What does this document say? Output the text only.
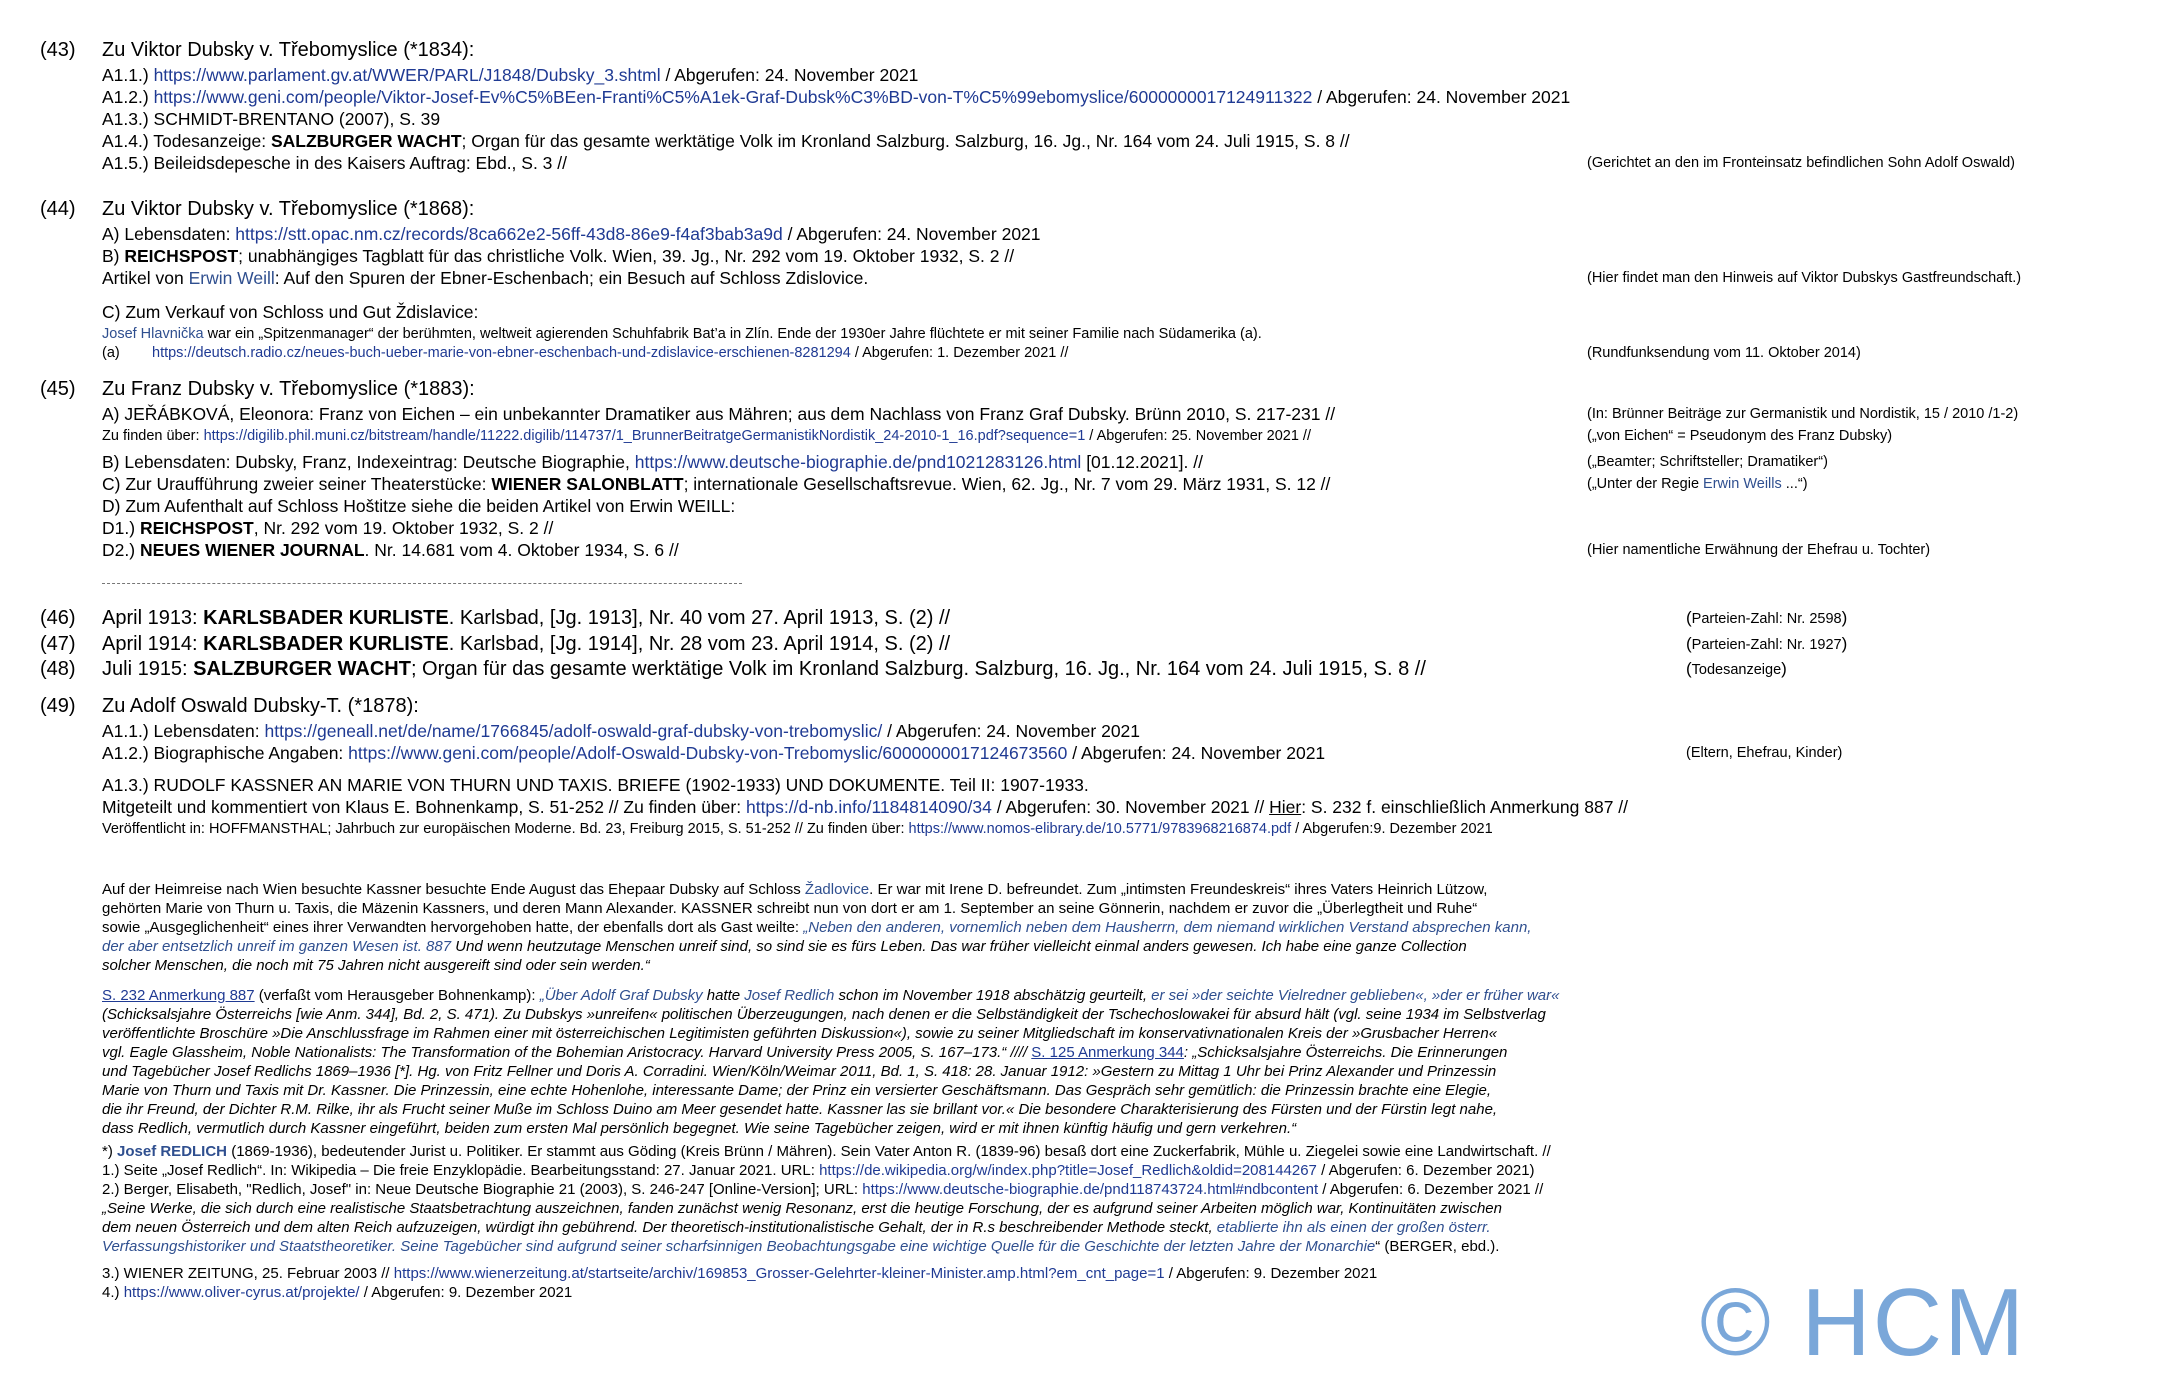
(43) Zu Viktor Dubsky v. Třebomyslice (*1834):
A1.1.) https://www.parlament.gv.at/WWER/PARL/J1848/Dubsky_3.shtml / Abgerufen: 24. November 2021
A1.2.) https://www.geni.com/people/Viktor-Josef-Ev%C5%BEen-Franti%C5%A1ek-Graf-Dubsk%C3%BD-von-T%C5%99ebomyslice/6000000017124911322 / Abgerufen: 24. November 2021
A1.3.) SCHMIDT-BRENTANO (2007), S. 39
A1.4.) Todesanzeige: SALZBURGER WACHT; Organ für das gesamte werktätige Volk im Kronland Salzburg. Salzburg, 16. Jg., Nr. 164 vom 24. Juli 1915, S. 8 //
A1.5.) Beileidsdepesche in des Kaisers Auftrag: Ebd., S. 3 //	(Gerichtet an den im Fronteinsatz befindlichen Sohn Adolf Oswald)
(44) Zu Viktor Dubsky v. Třebomyslice (*1868):
A) Lebensdaten: https://stt.opac.nm.cz/records/8ca662e2-56ff-43d8-86e9-f4af3bab3a9d / Abgerufen: 24. November 2021
B) REICHSPOST; unabhängiges Tagblatt für das christliche Volk. Wien, 39. Jg., Nr. 292 vom 19. Oktober 1932, S. 2 //
Artikel von Erwin Weill: Auf den Spuren der Ebner-Eschenbach; ein Besuch auf Schloss Zdislovice.	(Hier findet man den Hinweis auf Viktor Dubskys Gastfreundschaft.)
C) Zum Verkauf von Schloss und Gut Ždislavice:
Josef Hlavnička war ein „Spitzenmanager“ der berühmten, weltweit agierenden Schuhfabrik Bat’a in Zlín. Ende der 1930er Jahre flüchtete er mit seiner Familie nach Südamerika (a).
(a) https://deutsch.radio.cz/neues-buch-ueber-marie-von-ebner-eschenbach-und-zdislavice-erschienen-8281294 / Abgerufen: 1. Dezember 2021 //	(Rundfunksendung vom 11. Oktober 2014)
(45) Zu Franz Dubsky v. Třebomyslice (*1883):
A) JEŘÁBKOVÁ, Eleonora: Franz von Eichen – ein unbekannter Dramatiker aus Mähren; aus dem Nachlass von Franz Graf Dubsky. Brünn 2010, S. 217-231 //	(In: Brünner Beiträge zur Germanistik und Nordistik, 15 / 2010 /1-2)
Zu finden über: https://digilib.phil.muni.cz/bitstream/handle/11222.digilib/114737/1_BrunnerBeitratgeGermanistikNordistik_24-2010-1_16.pdf?sequence=1 / Abgerufen: 25. November 2021 //	(„von Eichen“ = Pseudonym des Franz Dubsky)
B) Lebensdaten: Dubsky, Franz, Indexeintrag: Deutsche Biographie, https://www.deutsche-biographie.de/pnd1021283126.html [01.12.2021]. //	(„Beamter; Schriftsteller; Dramatiker“)
C) Zur Uraufführung zweier seiner Theaterstücke: WIENER SALONBLATT; internationale Gesellschaftsrevue. Wien, 62. Jg., Nr. 7 vom 29. März 1931, S. 12 //	(„Unter der Regie Erwin Weills ...“)
D) Zum Aufenthalt auf Schloss Hoštitze siehe die beiden Artikel von Erwin WEILL:
D1.) REICHSPOST, Nr. 292 vom 19. Oktober 1932, S. 2 //
D2.) NEUES WIENER JOURNAL. Nr. 14.681 vom 4. Oktober 1934, S. 6 //	(Hier namentliche Erwähnung der Ehefrau u. Tochter)
(46) April 1913: KARLSBADER KURLISTE. Karlsbad, [Jg. 1913], Nr. 40 vom 27. April 1913, S. (2) //	(Parteien-Zahl: Nr. 2598)
(47) April 1914: KARLSBADER KURLISTE. Karlsbad, [Jg. 1914], Nr. 28 vom 23. April 1914, S. (2) //	(Parteien-Zahl: Nr. 1927)
(48) Juli 1915: SALZBURGER WACHT; Organ für das gesamte werktätige Volk im Kronland Salzburg. Salzburg, 16. Jg., Nr. 164 vom 24. Juli 1915, S. 8 //	(Todesanzeige)
(49) Zu Adolf Oswald Dubsky-T. (*1878):
A1.1.) Lebensdaten: https://geneall.net/de/name/1766845/adolf-oswald-graf-dubsky-von-trebomyslic/ / Abgerufen: 24. November 2021
A1.2.) Biographische Angaben: https://www.geni.com/people/Adolf-Oswald-Dubsky-von-Trebomyslic/6000000017124673560 / Abgerufen: 24. November 2021	(Eltern, Ehefrau, Kinder)
A1.3.) RUDOLF KASSNER AN MARIE VON THURN UND TAXIS. BRIEFE (1902-1933) UND DOKUMENTE. Teil II: 1907-1933.
Mitgeteilt und kommentiert von Klaus E. Bohnenkamp, S. 51-252 // Zu finden über: https://d-nb.info/1184814090/34 / Abgerufen: 30. November 2021 // Hier: S. 232 f. einschließlich Anmerkung 887 //
Veröffentlicht in: HOFFMANSTHAL; Jahrbuch zur europäischen Moderne. Bd. 23, Freiburg 2015, S. 51-252 // Zu finden über: https://www.nomos-elibrary.de/10.5771/9783968216874.pdf / Abgerufen:9. Dezember 2021
Auf der Heimreise nach Wien besuchte Kassner besuchte Ende August das Ehepaar Dubsky auf Schloss Žadlovice. Er war mit Irene D. befreundet. Zum „intimsten Freundeskreis“ ihres Vaters Heinrich Lützow,
gehörten Marie von Thurn u. Taxis, die Mäzenin Kassners, und deren Mann Alexander. KASSNER schreibt nun von dort er am 1. September an seine Gönnerin, nachdem er zuvor die „Überlegtheit und Ruhe“
sowie „Ausgeglichenheit“ eines ihrer Verwandten hervorgehoben hatte, der ebenfalls dort als Gast weilte: „Neben den anderen, vornemlich neben dem Hausherrn, dem niemand wirklichen Verstand absprechen kann,
der aber entsetzlich unreif im ganzen Wesen ist. 887 Und wenn heutzutage Menschen unreif sind, so sind sie es fürs Leben. Das war früher vielleicht einmal anders gewesen. Ich habe eine ganze Collection
solcher Menschen, die noch mit 75 Jahren nicht ausgereift sind oder sein werden.“
S. 232 Anmerkung 887 (verfaßt vom Herausgeber Bohnenkamp): „Über Adolf Graf Dubsky hatte Josef Redlich schon im November 1918 abschätzig geurteilt, er sei »der seichte Vielredner geblieben«, »der er früher war«
(Schicksalsjahre Österreichs [wie Anm. 344], Bd. 2, S. 471). Zu Dubskys »unreifen« politischen Überzeugungen, nach denen er die Selbständigkeit der Tschechoslowakei für absurd hält (vgl. seine 1934 im Selbstverlag
veröffentlichte Broschüre »Die Anschlussfrage im Rahmen einer mit österreichischen Legitimisten geführten Diskussion«), sowie zu seiner Mitgliedschaft im konservativnationalen Kreis der »Grusbacher Herren«
vgl. Eagle Glassheim, Noble Nationalists: The Transformation of the Bohemian Aristocracy. Harvard University Press 2005, S. 167–173.“ //// S. 125 Anmerkung 344: „Schicksalsjahre Österreichs. Die Erinnerungen
und Tagebücher Josef Redlichs 1869–1936 [*]. Hg. von Fritz Fellner und Doris A. Corradini. Wien/Köln/Weimar 2011, Bd. 1, S. 418: 28. Januar 1912: »Gestern zu Mittag 1 Uhr bei Prinz Alexander und Prinzessin
Marie von Thurn und Taxis mit Dr. Kassner. Die Prinzessin, eine echte Hohenlohe, interessante Dame; der Prinz ein versierter Geschäftsmann. Das Gespräch sehr gemütlich: die Prinzessin brachte eine Elegie,
die ihr Freund, der Dichter R.M. Rilke, ihr als Frucht seiner Muße im Schloss Duino am Meer gesendet hatte. Kassner las sie brillant vor.« Die besondere Charakterisierung des Fürsten und der Fürstin legt nahe,
dass Redlich, vermutlich durch Kassner eingeführt, beiden zum ersten Mal persönlich begegnet. Wie seine Tagebücher zeigen, wird er mit ihnen künftig häufig und gern verkehren.“
*) Josef REDLICH (1869-1936), bedeutender Jurist u. Politiker. Er stammt aus Göding (Kreis Brünn / Mähren). Sein Vater Anton R. (1839-96) besaß dort eine Zuckerfabrik, Mühle u. Ziegelei sowie eine Landwirtschaft. //
1.) Seite „Josef Redlich“. In: Wikipedia – Die freie Enzyklopädie. Bearbeitungsstand: 27. Januar 2021. URL: https://de.wikipedia.org/w/index.php?title=Josef_Redlich&oldid=208144267 / Abgerufen: 6. Dezember 2021)
2.) Berger, Elisabeth, "Redlich, Josef" in: Neue Deutsche Biographie 21 (2003), S. 246-247 [Online-Version]; URL: https://www.deutsche-biographie.de/pnd118743724.html#ndbcontent / Abgerufen: 6. Dezember 2021 //
„Seine Werke, die sich durch eine realistische Staatsbetrachtung auszeichnen, fanden zunächst wenig Resonanz, erst die heutige Forschung, der es aufgrund seiner Arbeiten möglich war, Kontinuitäten zwischen
dem neuen Österreich und dem alten Reich aufzuzeigen, würdigt ihn gebührend. Der theoretisch-institutionalistische Gehalt, der in R.s beschreibender Methode steckt, etablierte ihn als einen der großen österr.
Verfassungshistoriker und Staatstheoretiker. Seine Tagebücher sind aufgrund seiner scharfsinnigen Beobachtungsgabe eine wichtige Quelle für die Geschichte der letzten Jahre der Monarchie“ (BERGER, ebd.).
3.) WIENER ZEITUNG, 25. Februar 2003 // https://www.wienerzeitung.at/startseite/archiv/169853_Grosser-Gelehrter-kleiner-Minister.amp.html?em_cnt_page=1 / Abgerufen: 9. Dezember 2021
4.) https://www.oliver-cyrus.at/projekte/ / Abgerufen: 9. Dezember 2021	© HCM
